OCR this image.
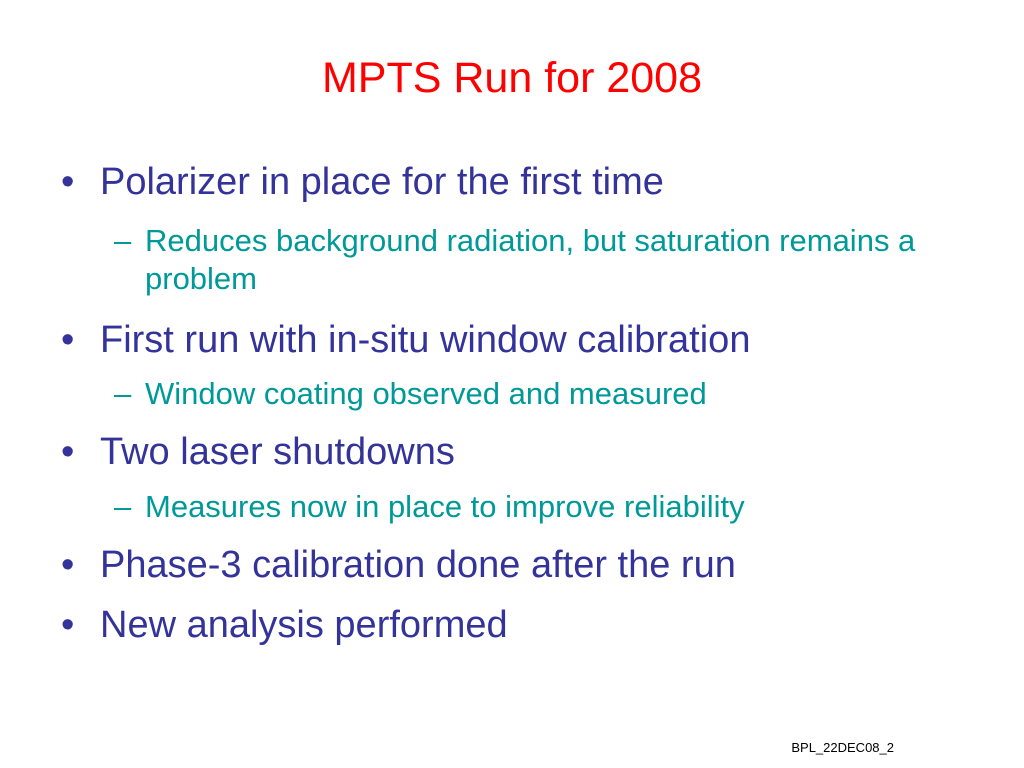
MPTS Run for 2008
• Polarizer in place for the first time
– Reduces background radiation, but saturation remains a problem
• First run with in-situ window calibration
– Window coating observed and measured
• Two laser shutdowns
– Measures now in place to improve reliability
• Phase-3 calibration done after the run
• New analysis performed
BPL_22DEC08_2
